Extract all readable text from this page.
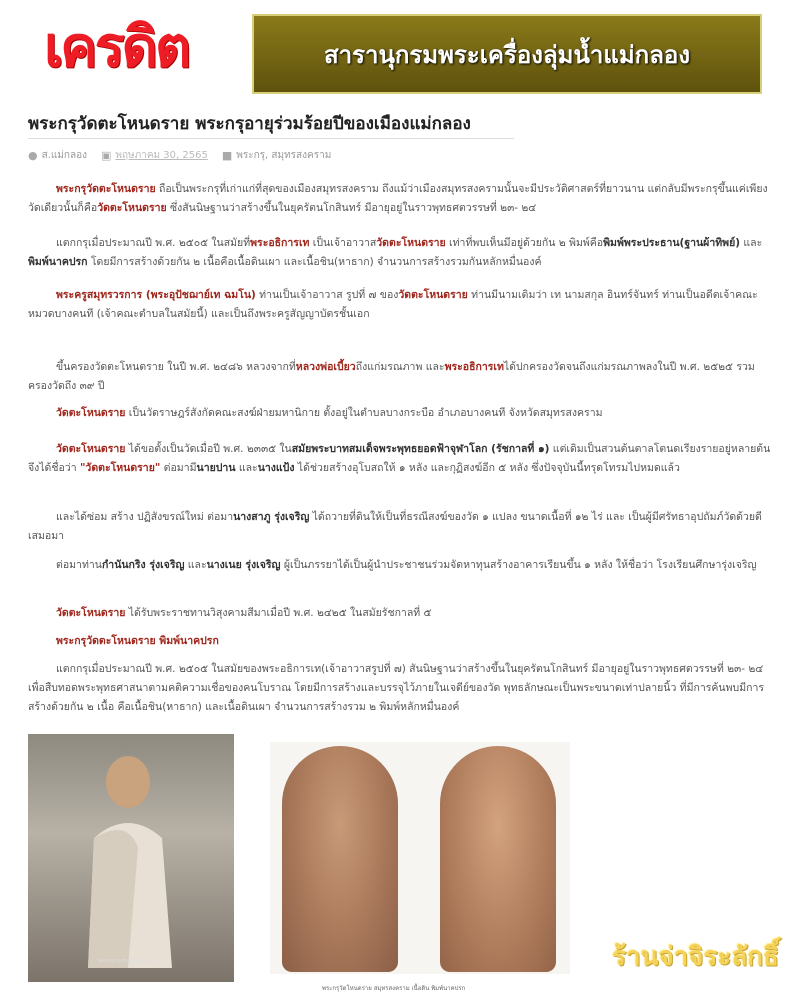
เครดิต	สารานุกรมพระเครื่องลุ่มน้ำแม่กลอง
พระกรุวัดตะโหนดราย พระกรุอายุร่วมร้อยปีของเมืองแม่กลอง
● ส.แม่กลอง ▣ พฤษภาคม 30, 2565 ■ พระกรุ, สมุทรสงคราม
พระกรุวัดตะโหนดราย ถือเป็นพระกรุที่เก่าแก่ที่สุดของเมืองสมุทรสงคราม ถึงแม้ว่าเมืองสมุทรสงครามนั้นจะมีประวัติศาสตร์ที่ยาวนาน แต่กลับมีพระกรุขึ้นแค่เพียงวัดเดียวนั้นก็คือวัดตะโหนดราย ซึ่งสันนิษฐานว่าสร้างขึ้นในยุครัตนโกสินทร์ มีอายุอยู่ในราวพุทธศตวรรษที่ ๒๓- ๒๔
แตกกรุเมื่อประมาณปี พ.ศ. ๒๕๐๕ ในสมัยที่พระอธิการเท เป็นเจ้าอาวาสวัดตะโหนดราย เท่าที่พบเห็นมีอยู่ด้วยกัน ๒ พิมพ์คือพิมพ์พระประธาน(ฐานผ้าทิพย์) และพิมพ์นาคปรก โดยมีการสร้างด้วยกัน ๒ เนื้อคือเนื้อดินเผา และเนื้อชิน(หาธาก) จำนวนการสร้างรวมกันหลักหมื่นองค์
พระครูสมุทรวรการ (พระอุปัชฌาย์เท ฉมโน) ท่านเป็นเจ้าอาวาส รูปที่ ๗ ของวัดตะโหนดราย ท่านมีนามเดิมว่า เท นามสกุล อินทร์จันทร์ ท่านเป็นอดีตเจ้าคณะหมวดบางคนที (เจ้าคณะตำบลในสมัยนี้) และเป็นถึงพระครูสัญญาบัตรชั้นเอก
ขึ้นครองวัดตะโหนดราย ในปี พ.ศ. ๒๔๘๖ หลวงจากที่หลวงพ่อเบี้ยวถึงแก่มรณภาพ และพระอธิการเทได้ปกครองวัดจนถึงแก่มรณภาพลงในปี พ.ศ. ๒๕๒๕ รวมครองวัดถึง ๓๙ ปี
วัดตะโหนดราย เป็นวัดราษฎร์สังกัดคณะสงฆ์ฝ่ายมหานิกาย ตั้งอยู่ในตำบลบางกระบือ อำเภอบางคนที จังหวัดสมุทรสงคราม
วัดตะโหนดราย ได้ขอตั้งเป็นวัดเมื่อปี พ.ศ. ๒๓๓๕ ในสมัยพระบาทสมเด็จพระพุทธยอดฟ้าจุฬาโลก (รัชกาลที่ ๑) แต่เดิมเป็นสวนต้นตาลโตนดเรียงรายอยู่หลายต้นจึงได้ชื่อว่า "วัดตะโหนดราย" ต่อมามีนายปาน และนางแป้ง ได้ช่วยสร้างอุโบสถให้ ๑ หลัง และกุฏิสงฆ์อีก ๕ หลัง ซึ่งปัจจุบันนี้ทรุดโทรมไปหมดแล้ว
และได้ซ่อม สร้าง ปฏิสังขรณ์ใหม่ ต่อมานางสาภู รุ่งเจริญ ได้ถวายที่ดินให้เป็นที่ธรณีสงฆ์ของวัด ๑ แปลง ขนาดเนื้อที่ ๑๒ ไร่ และ เป็นผู้มีศรัทธาอุปถัมภ์วัดด้วยดีเสมอมา
ต่อมาท่านกำนันกริง รุ่งเจริญ และนางเนย รุ่งเจริญ ผู้เป็นภรรยาได้เป็นผู้นำประชาชนร่วมจัดหาทุนสร้างอาคารเรียนขึ้น ๑ หลัง ให้ชื่อว่า โรงเรียนศึกษารุ่งเจริญ
วัดตะโหนดราย ได้รับพระราชทานวิสุงคามสีมาเมื่อปี พ.ศ. ๒๔๒๕ ในสมัยรัชกาลที่ ๕
พระกรุวัดตะโหนดราย พิมพ์นาคปรก
แตกกรุเมื่อประมาณปี พ.ศ. ๒๕๐๕ ในสมัยของพระอธิการเท(เจ้าอาวาสรูปที่ ๗) สันนิษฐานว่าสร้างขึ้นในยุครัตนโกสินทร์ มีอายุอยู่ในราวพุทธศตวรรษที่ ๒๓- ๒๔ เพื่อสืบทอดพระพุทธศาสนาตามคติความเชื่อของคนโบราณ โดยมีการสร้างและบรรจุไว้ภายในเจดีย์ของวัด พุทธลักษณะเป็นพระขนาดเท่าปลายนิ้ว ที่มีการค้นพบมีการสร้างด้วยกัน ๒ เนื้อ คือเนื้อชิน(หาธาก) และเนื้อดินเผา จำนวนการสร้างรวม ๒ พิมพ์หลักหมื่นองค์
www.pra-mueklong.com
พระกรุวัดโหนดราย สมุทรสงคราม เนื้อดิน พิมพ์นาคปรก
ร้านจ่าจิระลักธิ์
